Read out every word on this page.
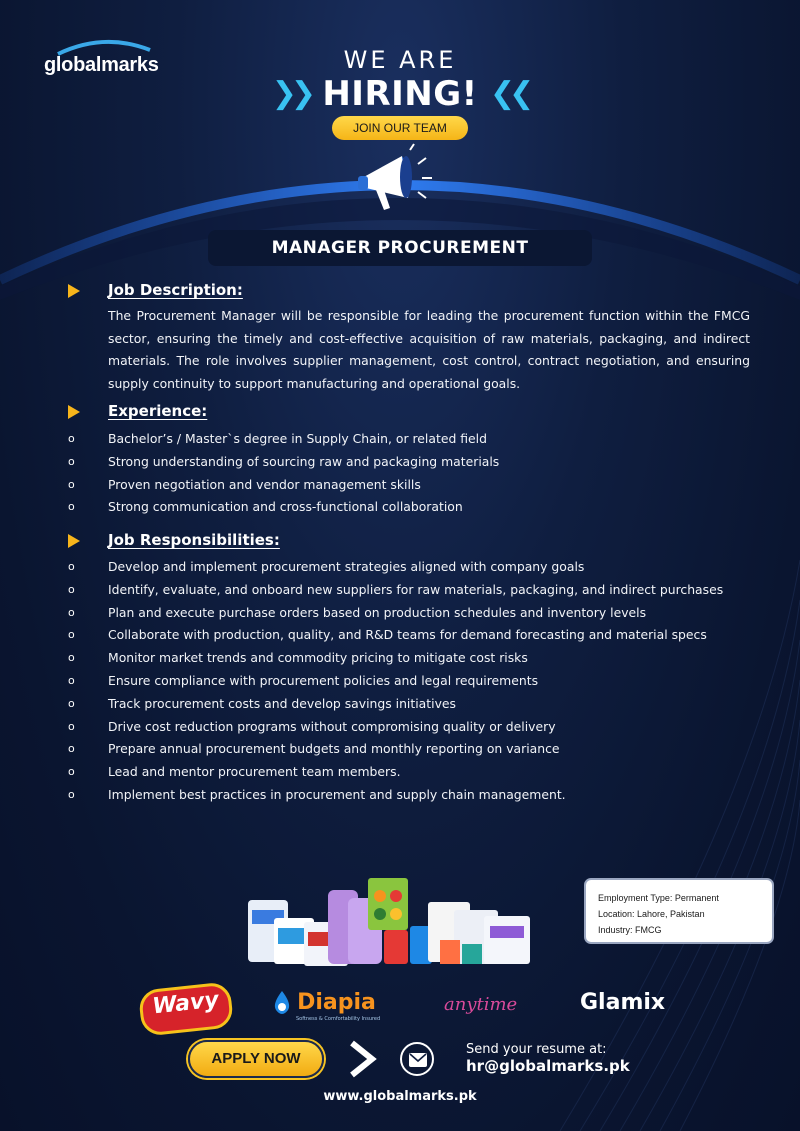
globalmarks	WE ARE
❯❯ HIRING! ❮❮
JOIN OUR TEAM
MANAGER PROCUREMENT
Job Description:
The Procurement Manager will be responsible for leading the procurement function within the FMCG sector, ensuring the timely and cost-effective acquisition of raw materials, packaging, and indirect materials. The role involves supplier management, cost control, contract negotiation, and ensuring supply continuity to support manufacturing and operational goals.
Experience:
o	Bachelor’s / Master`s degree in Supply Chain, or related field
o	Strong understanding of sourcing raw and packaging materials
o	Proven negotiation and vendor management skills
o	Strong communication and cross-functional collaboration
Job Responsibilities:
o	Develop and implement procurement strategies aligned with company goals
o	Identify, evaluate, and onboard new suppliers for raw materials, packaging, and indirect purchases
o	Plan and execute purchase orders based on production schedules and inventory levels
o	Collaborate with production, quality, and R&D teams for demand forecasting and material specs
o	Monitor market trends and commodity pricing to mitigate cost risks
o	Ensure compliance with procurement policies and legal requirements
o	Track procurement costs and develop savings initiatives
o	Drive cost reduction programs without compromising quality or delivery
o	Prepare annual procurement budgets and monthly reporting on variance
o	Lead and mentor procurement team members.
o	Implement best practices in procurement and supply chain management.
Employment Type: Permanent
Location: Lahore, Pakistan
Industry: FMCG
Wavy	Diapia
Softness & Comfortability Insured
anytime	Glamix
APPLY NOW
Send your resume at:
hr@globalmarks.pk
www.globalmarks.pk
